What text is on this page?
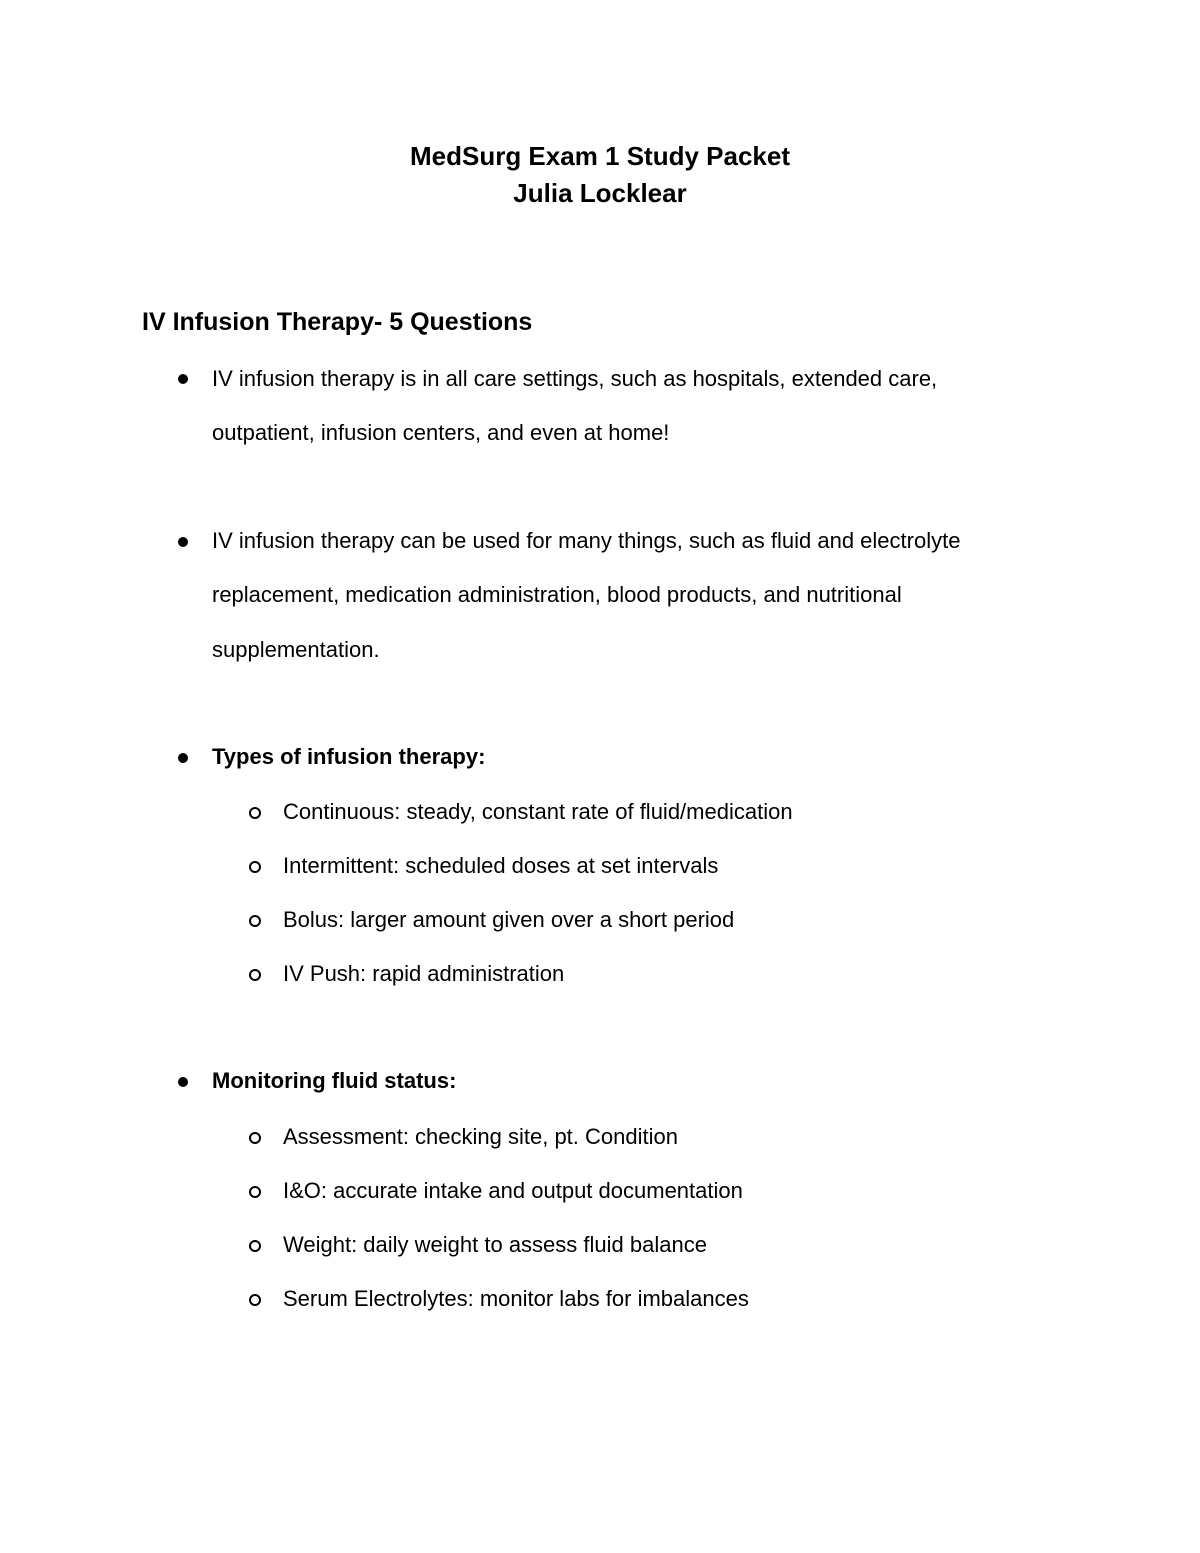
MedSurg Exam 1 Study Packet
Julia Locklear
IV Infusion Therapy- 5 Questions
IV infusion therapy is in all care settings, such as hospitals, extended care,
outpatient, infusion centers, and even at home!
IV infusion therapy can be used for many things, such as fluid and electrolyte
replacement, medication administration, blood products, and nutritional
supplementation.
Types of infusion therapy:
Continuous: steady, constant rate of fluid/medication
Intermittent: scheduled doses at set intervals
Bolus: larger amount given over a short period
IV Push: rapid administration
Monitoring fluid status:
Assessment: checking site, pt. Condition
I&O: accurate intake and output documentation
Weight: daily weight to assess fluid balance
Serum Electrolytes: monitor labs for imbalances
